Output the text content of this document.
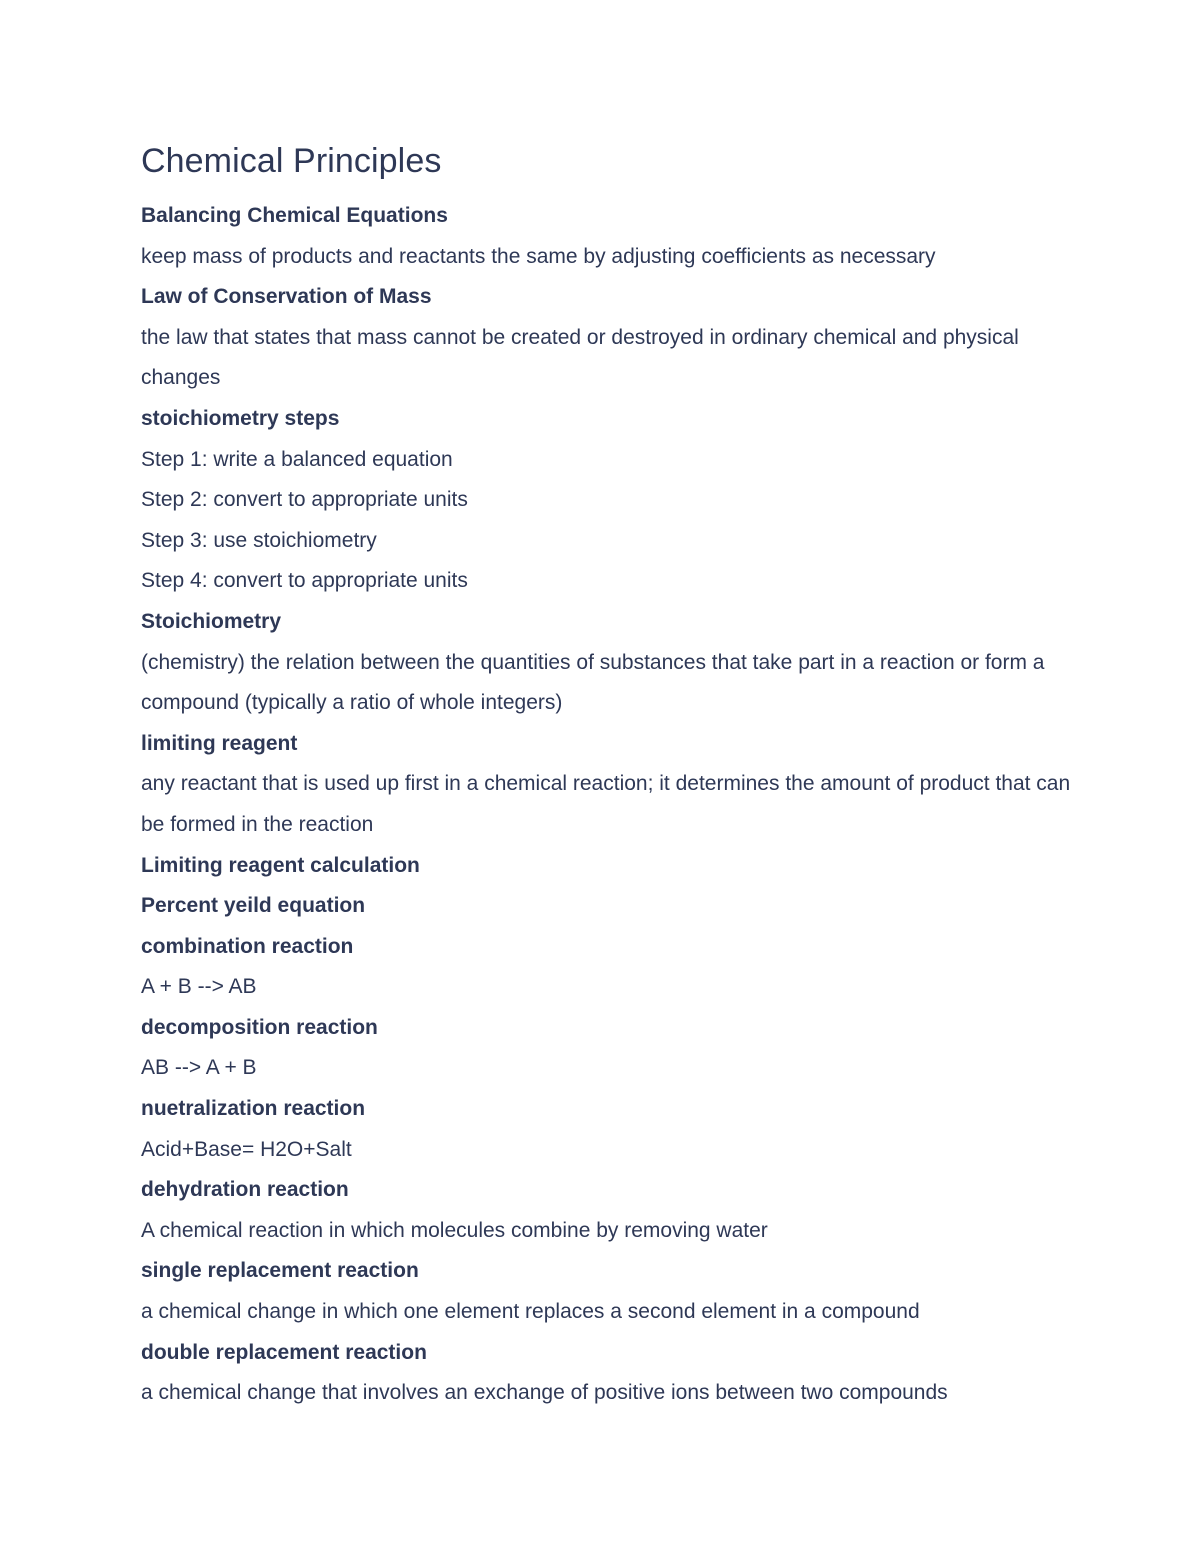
Chemical Principles

Balancing Chemical Equations

keep mass of products and reactants the same by adjusting coefficients as necessary

Law of Conservation of Mass

the law that states that mass cannot be created or destroyed in ordinary chemical and physical changes

stoichiometry steps

Step 1: write a balanced equation

Step 2: convert to appropriate units

Step 3: use stoichiometry

Step 4: convert to appropriate units

Stoichiometry

(chemistry) the relation between the quantities of substances that take part in a reaction or form a compound (typically a ratio of whole integers)

limiting reagent

any reactant that is used up first in a chemical reaction; it determines the amount of product that can be formed in the reaction

Limiting reagent calculation

Percent yeild equation

combination reaction

A + B --> AB

decomposition reaction

AB --> A + B

nuetralization reaction

Acid+Base= H2O+Salt

dehydration reaction

A chemical reaction in which molecules combine by removing water

single replacement reaction

a chemical change in which one element replaces a second element in a compound

double replacement reaction

a chemical change that involves an exchange of positive ions between two compounds
